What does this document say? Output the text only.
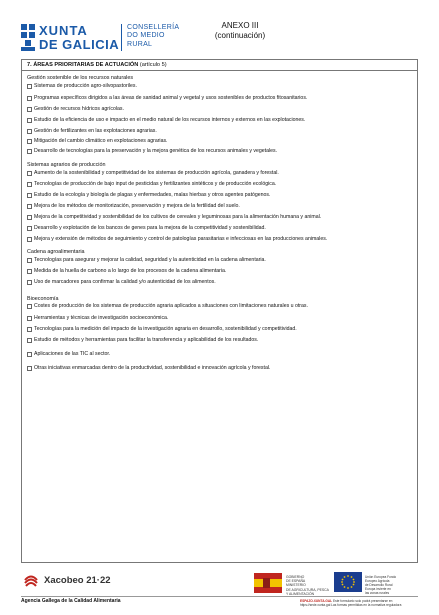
XUNTA
DE GALICIA
CONSELLERÍA
DO MEDIO
RURAL
ANEXO III
(continuación)
7. ÁREAS PRIORITARIAS DE ACTUACIÓN (artículo 5)
Gestión sostenible de los recursos naturales
Sistemas de producción agro-silvopastoriles.
Programas específicos dirigidos a las áreas de sanidad animal y vegetal y usos sostenibles de productos fitosanitarios.
Gestión de recursos hídricos agrícolas.
Estudio de la eficiencia de uso e impacto en el medio natural de los recursos internos y externos en las explotaciones.
Gestión de fertilizantes en las explotaciones agrarias.
Mitigación del cambio climático en explotaciones agrarias.
Desarrollo de tecnologías para la preservación y la mejora genética de los recursos animales y vegetales.
Sistemas agrarios de producción
Aumento de la sostenibilidad y competitividad de los sistemas de producción agrícola, ganadera y forestal.
Tecnologías de producción de bajo input de pesticidas y fertilizantes sintéticos y de producción ecológica.
Estudio de la ecología y biología de plagas y enfermedades, malas hierbas y otros agentes patógenos.
Mejora de los métodos de monitorización, preservación y mejora de la fertilidad del suelo.
Mejora de la competitividad y sostenibilidad de los cultivos de cereales y leguminosas para la alimentación humana y animal.
Desarrollo y explotación de los bancos de genes para la mejora de la competitividad y sostenibilidad.
Mejora y extensión de métodos de seguimiento y control de patologías parasitarias e infecciosas en las producciones animales.
Cadena agroalimentaria
Tecnologías para asegurar y mejorar la calidad, seguridad y la autenticidad en la cadena alimentaria.
Medida de la huella de carbono a lo largo de los procesos de la cadena alimentaria.
Uso de marcadores para confirmar la calidad y/o autenticidad de los alimentos.
Bioeconomía
Costes de producción de los sistemas de producción agraria aplicados a situaciones con limitaciones naturales u otras.
Herramientas y técnicas de investigación socioeconómica.
Tecnologías para la medición del impacto de la investigación agraria en desarrollo, sostenibilidad y competitividad.
Estudio de métodos y herramientas para facilitar la transferencia y aplicabilidad de los resultados.
Aplicaciones de las TIC al sector.
Otras iniciativas enmarcadas dentro de la productividad, sostenibilidad e innovación agrícola y forestal.
Xacobeo 21·22	GOBIERNO
DE ESPAÑA
MINISTERIO
DE AGRICULTURA, PESCA
Y ALIMENTACIÓN
Unión Europea Fondo
Europeo Agrícola
de Desarrollo Rural
Europa invierte en
las zonas rurales
Agencia Gallega de la Calidad Alimentaria	ESPAZO.XUNTA.GAL Este formulario solo podrá presentarse en
https://sede.xunta.gal Las formas permitidas en la normativa reguladora
